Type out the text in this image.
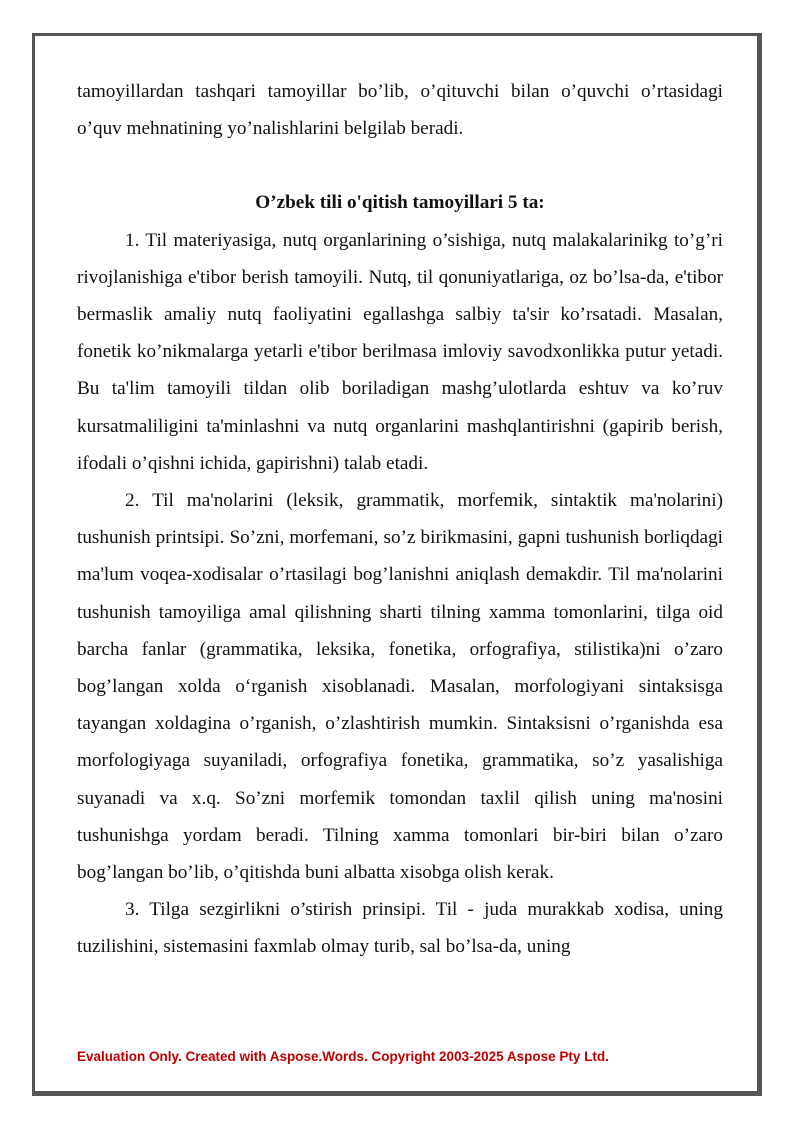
tamoyillardan tashqari tamoyillar bo’lib, o’qituvchi bilan o’quvchi o’rtasidagi o’quv mehnatining yo’nalishlarini belgilab beradi.

O’zbek tili o'qitish tamoyillari 5 ta:

1. Til materiyasiga, nutq organlarining o’sishiga, nutq malakalarinikg to’g’ri rivojlanishiga e'tibor berish tamoyili. Nutq, til qonuniyatlariga, oz bo’lsa-da, e'tibor bermaslik amaliy nutq faoliyatini egallashga salbiy ta'sir ko’rsatadi. Masalan, fonetik ko’nikmalarga yetarli e'tibor berilmasa imloviy savodxonlikka putur yetadi. Bu ta'lim tamoyili tildan olib boriladigan mashg’ulotlarda eshtuv va ko’ruv kursatmaliligini ta'minlashni va nutq organlarini mashqlantirishni (gapirib berish, ifodali o’qishni ichida, gapirishni) talab etadi.

2. Til ma'nolarini (leksik, grammatik, morfemik, sintaktik ma'nolarini) tushunish printsipi. So’zni, morfemani, so’z birikmasini, gapni tushunish borliqdagi ma'lum voqea-xodisalar o’rtasilagi bog’lanishni aniqlash demakdir. Til ma'nolarini tushunish tamoyiliga amal qilishning sharti tilning xamma tomonlarini, tilga oid barcha fanlar (grammatika, leksika, fonetika, orfografiya, stilistika)ni o’zaro bog’langan xolda o‘rganish xisoblanadi. Masalan, morfologiyani sintaksisga tayangan xoldagina o’rganish, o’zlashtirish mumkin. Sintaksisni o’rganishda esa morfologiyaga suyaniladi, orfografiya fonetika, grammatika, so’z yasalishiga suyanadi va x.q. So’zni morfemik tomondan taxlil qilish uning ma'nosini tushunishga yordam beradi. Tilning xamma tomonlari bir-biri bilan o’zaro bog’langan bo’lib, o’qitishda buni albatta xisobga olish kerak.

3. Tilga sezgirlikni o’stirish prinsipi. Til - juda murakkab xodisa, uning tuzilishini, sistemasini faxmlab olmay turib, sal bo’lsa-da, uning

Evaluation Only. Created with Aspose.Words. Copyright 2003-2025 Aspose Pty Ltd.
